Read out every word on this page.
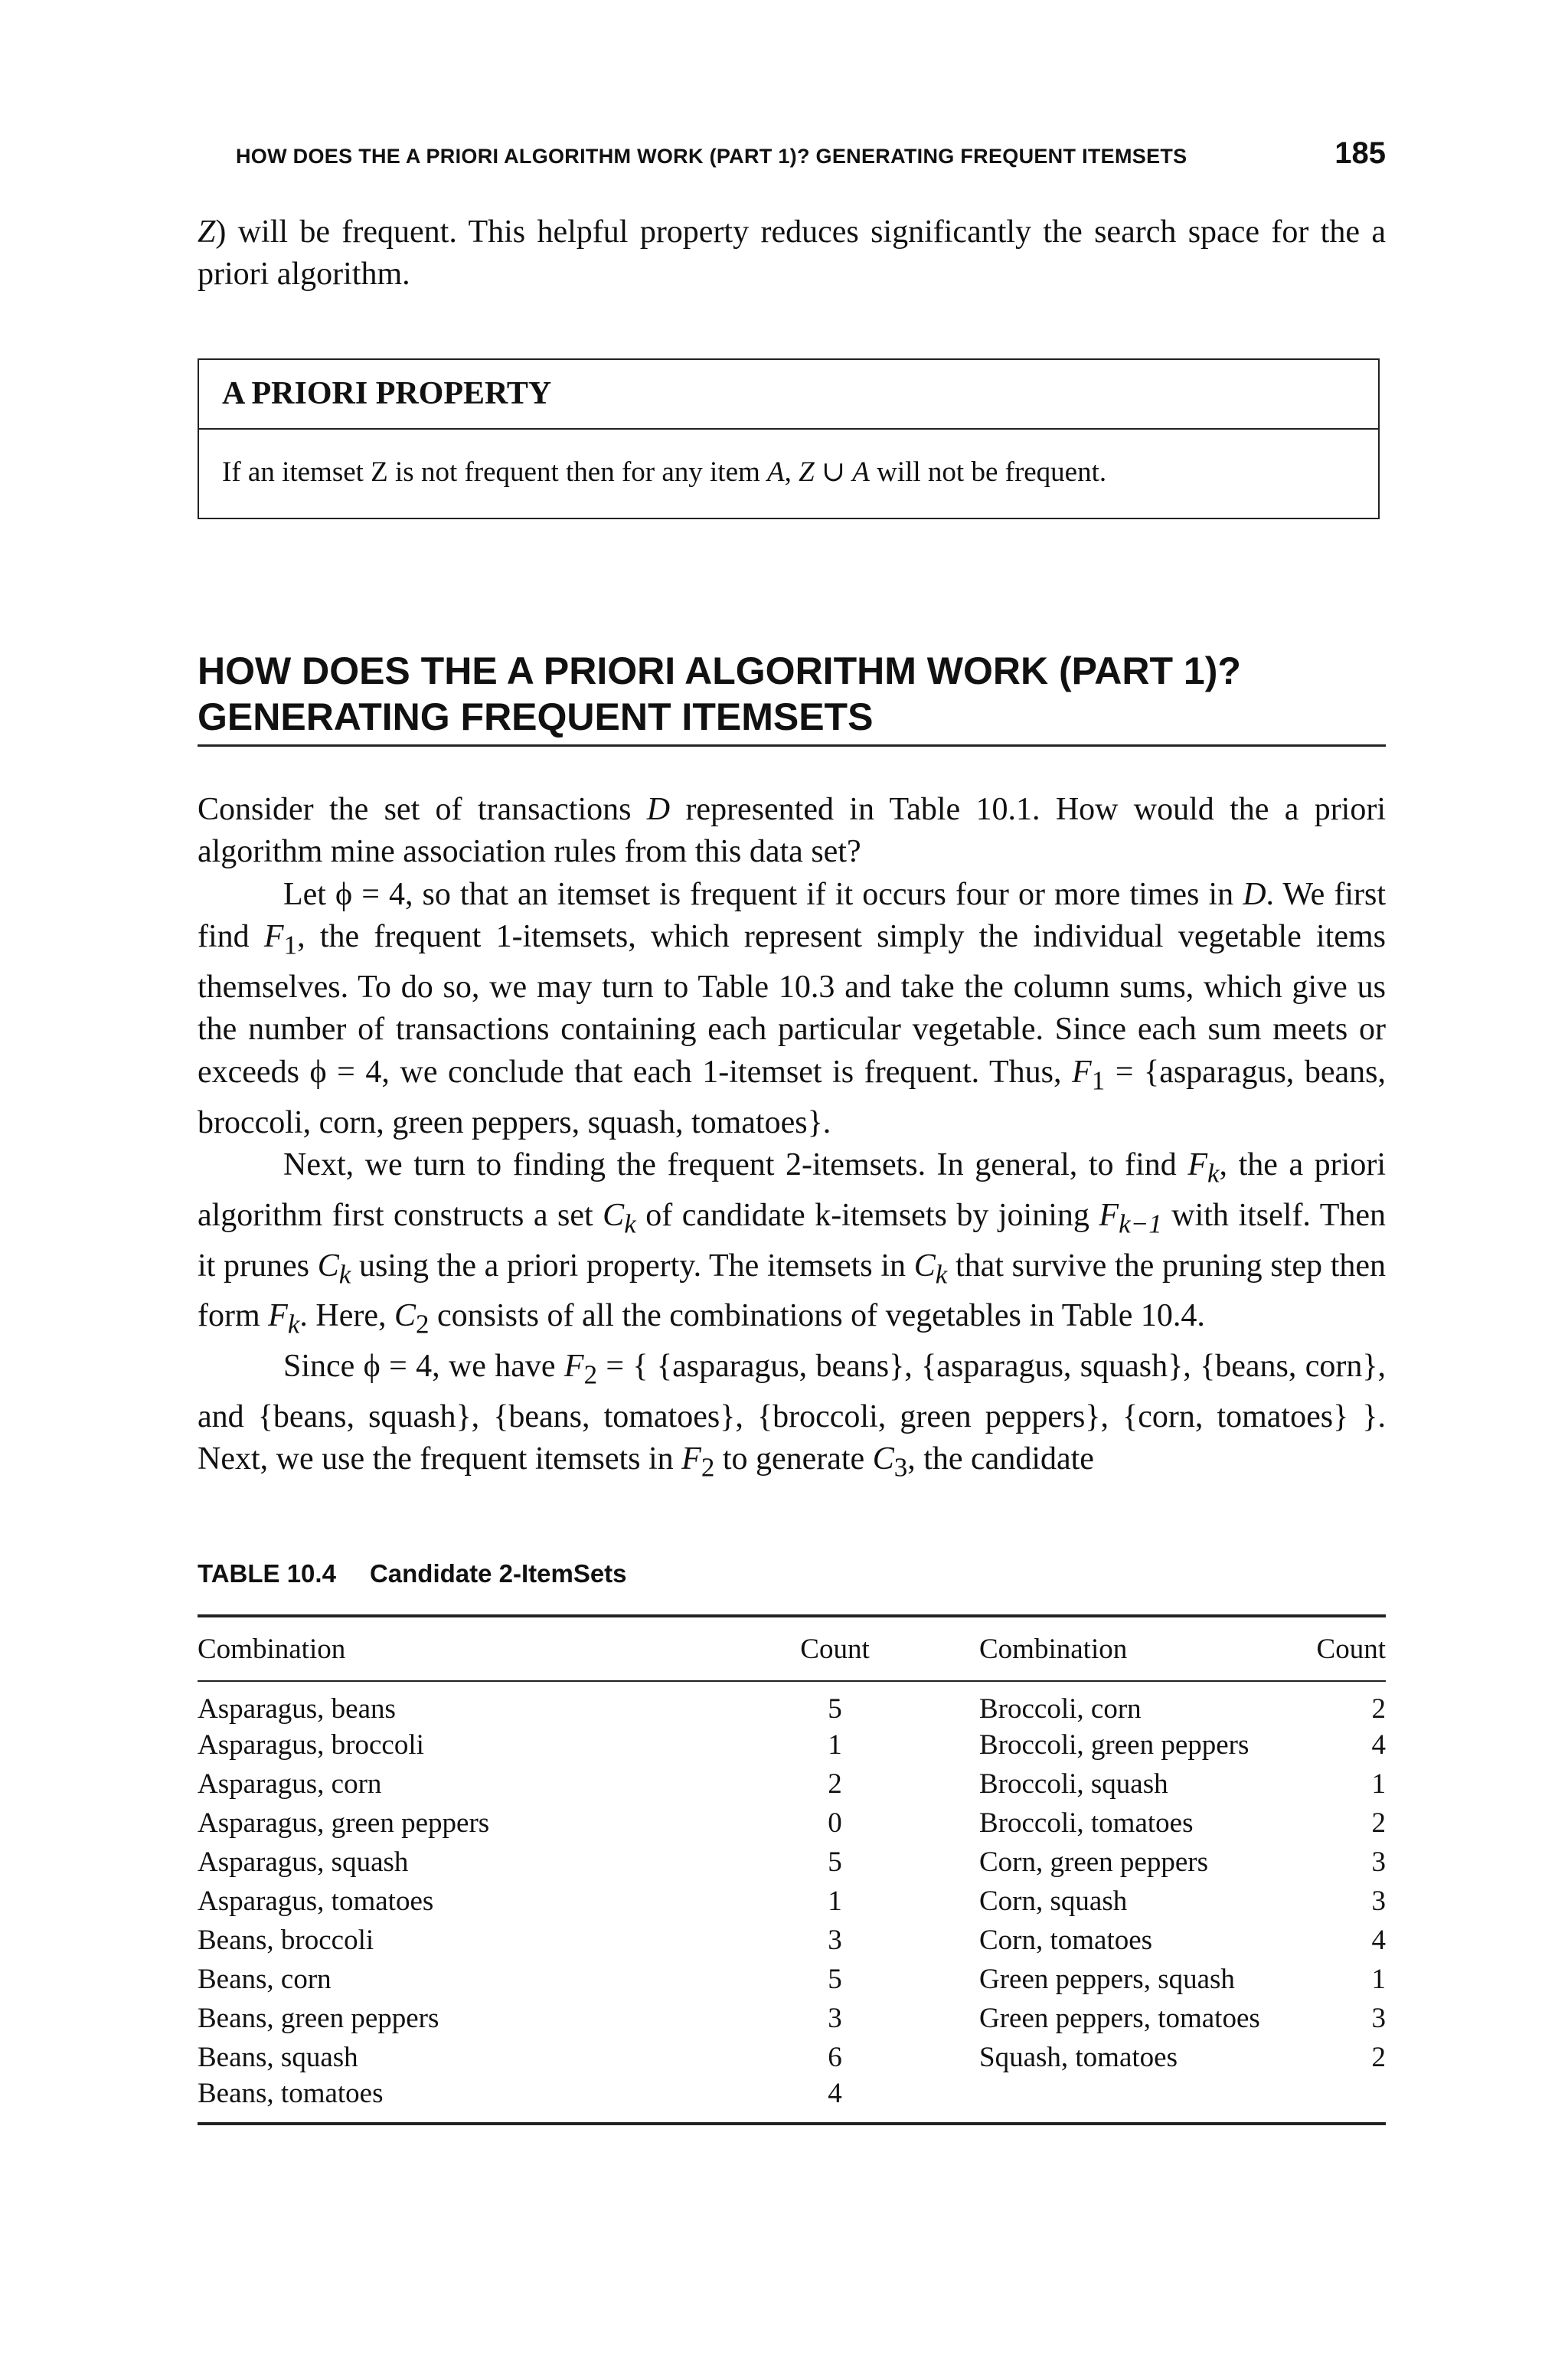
HOW DOES THE A PRIORI ALGORITHM WORK (PART 1)? GENERATING FREQUENT ITEMSETS	185

Z) will be frequent. This helpful property reduces significantly the search space for the a priori algorithm.

A PRIORI PROPERTY
If an itemset Z is not frequent then for any item A, Z ∪ A will not be frequent.
HOW DOES THE A PRIORI ALGORITHM WORK (PART 1)?
GENERATING FREQUENT ITEMSETS

Consider the set of transactions D represented in Table 10.1. How would the a priori algorithm mine association rules from this data set?

Let ϕ = 4, so that an itemset is frequent if it occurs four or more times in D. We first find $F_1$, the frequent 1-itemsets, which represent simply the individual vegetable items themselves. To do so, we may turn to Table 10.3 and take the column sums, which give us the number of transactions containing each particular vegetable. Since each sum meets or exceeds ϕ = 4, we conclude that each 1-itemset is frequent. Thus, $F_1$ = {asparagus, beans, broccoli, corn, green peppers, squash, tomatoes}.

Next, we turn to finding the frequent 2-itemsets. In general, to find $F_k$, the a priori algorithm first constructs a set $C_k$ of candidate k-itemsets by joining $F_{k-1}$ with itself. Then it prunes $C_k$ using the a priori property. The itemsets in $C_k$ that survive the pruning step then form $F_k$. Here, $C_2$ consists of all the combinations of vegetables in Table 10.4.

Since ϕ = 4, we have $F_2$ = { {asparagus, beans}, {asparagus, squash}, {beans, corn}, and {beans, squash}, {beans, tomatoes}, {broccoli, green peppers}, {corn, tomatoes} }. Next, we use the frequent itemsets in $F_2$ to generate $C_3$, the candidate

TABLE 10.4 Candidate 2-ItemSets
Combination	Count	Combination	Count
Asparagus, beans	5	Broccoli, corn	2
Asparagus, broccoli	1	Broccoli, green peppers	4
Asparagus, corn	2	Broccoli, squash	1
Asparagus, green peppers	0	Broccoli, tomatoes	2
Asparagus, squash	5	Corn, green peppers	3
Asparagus, tomatoes	1	Corn, squash	3
Beans, broccoli	3	Corn, tomatoes	4
Beans, corn	5	Green peppers, squash	1
Beans, green peppers	3	Green peppers, tomatoes	3
Beans, squash	6	Squash, tomatoes	2
Beans, tomatoes	4		
